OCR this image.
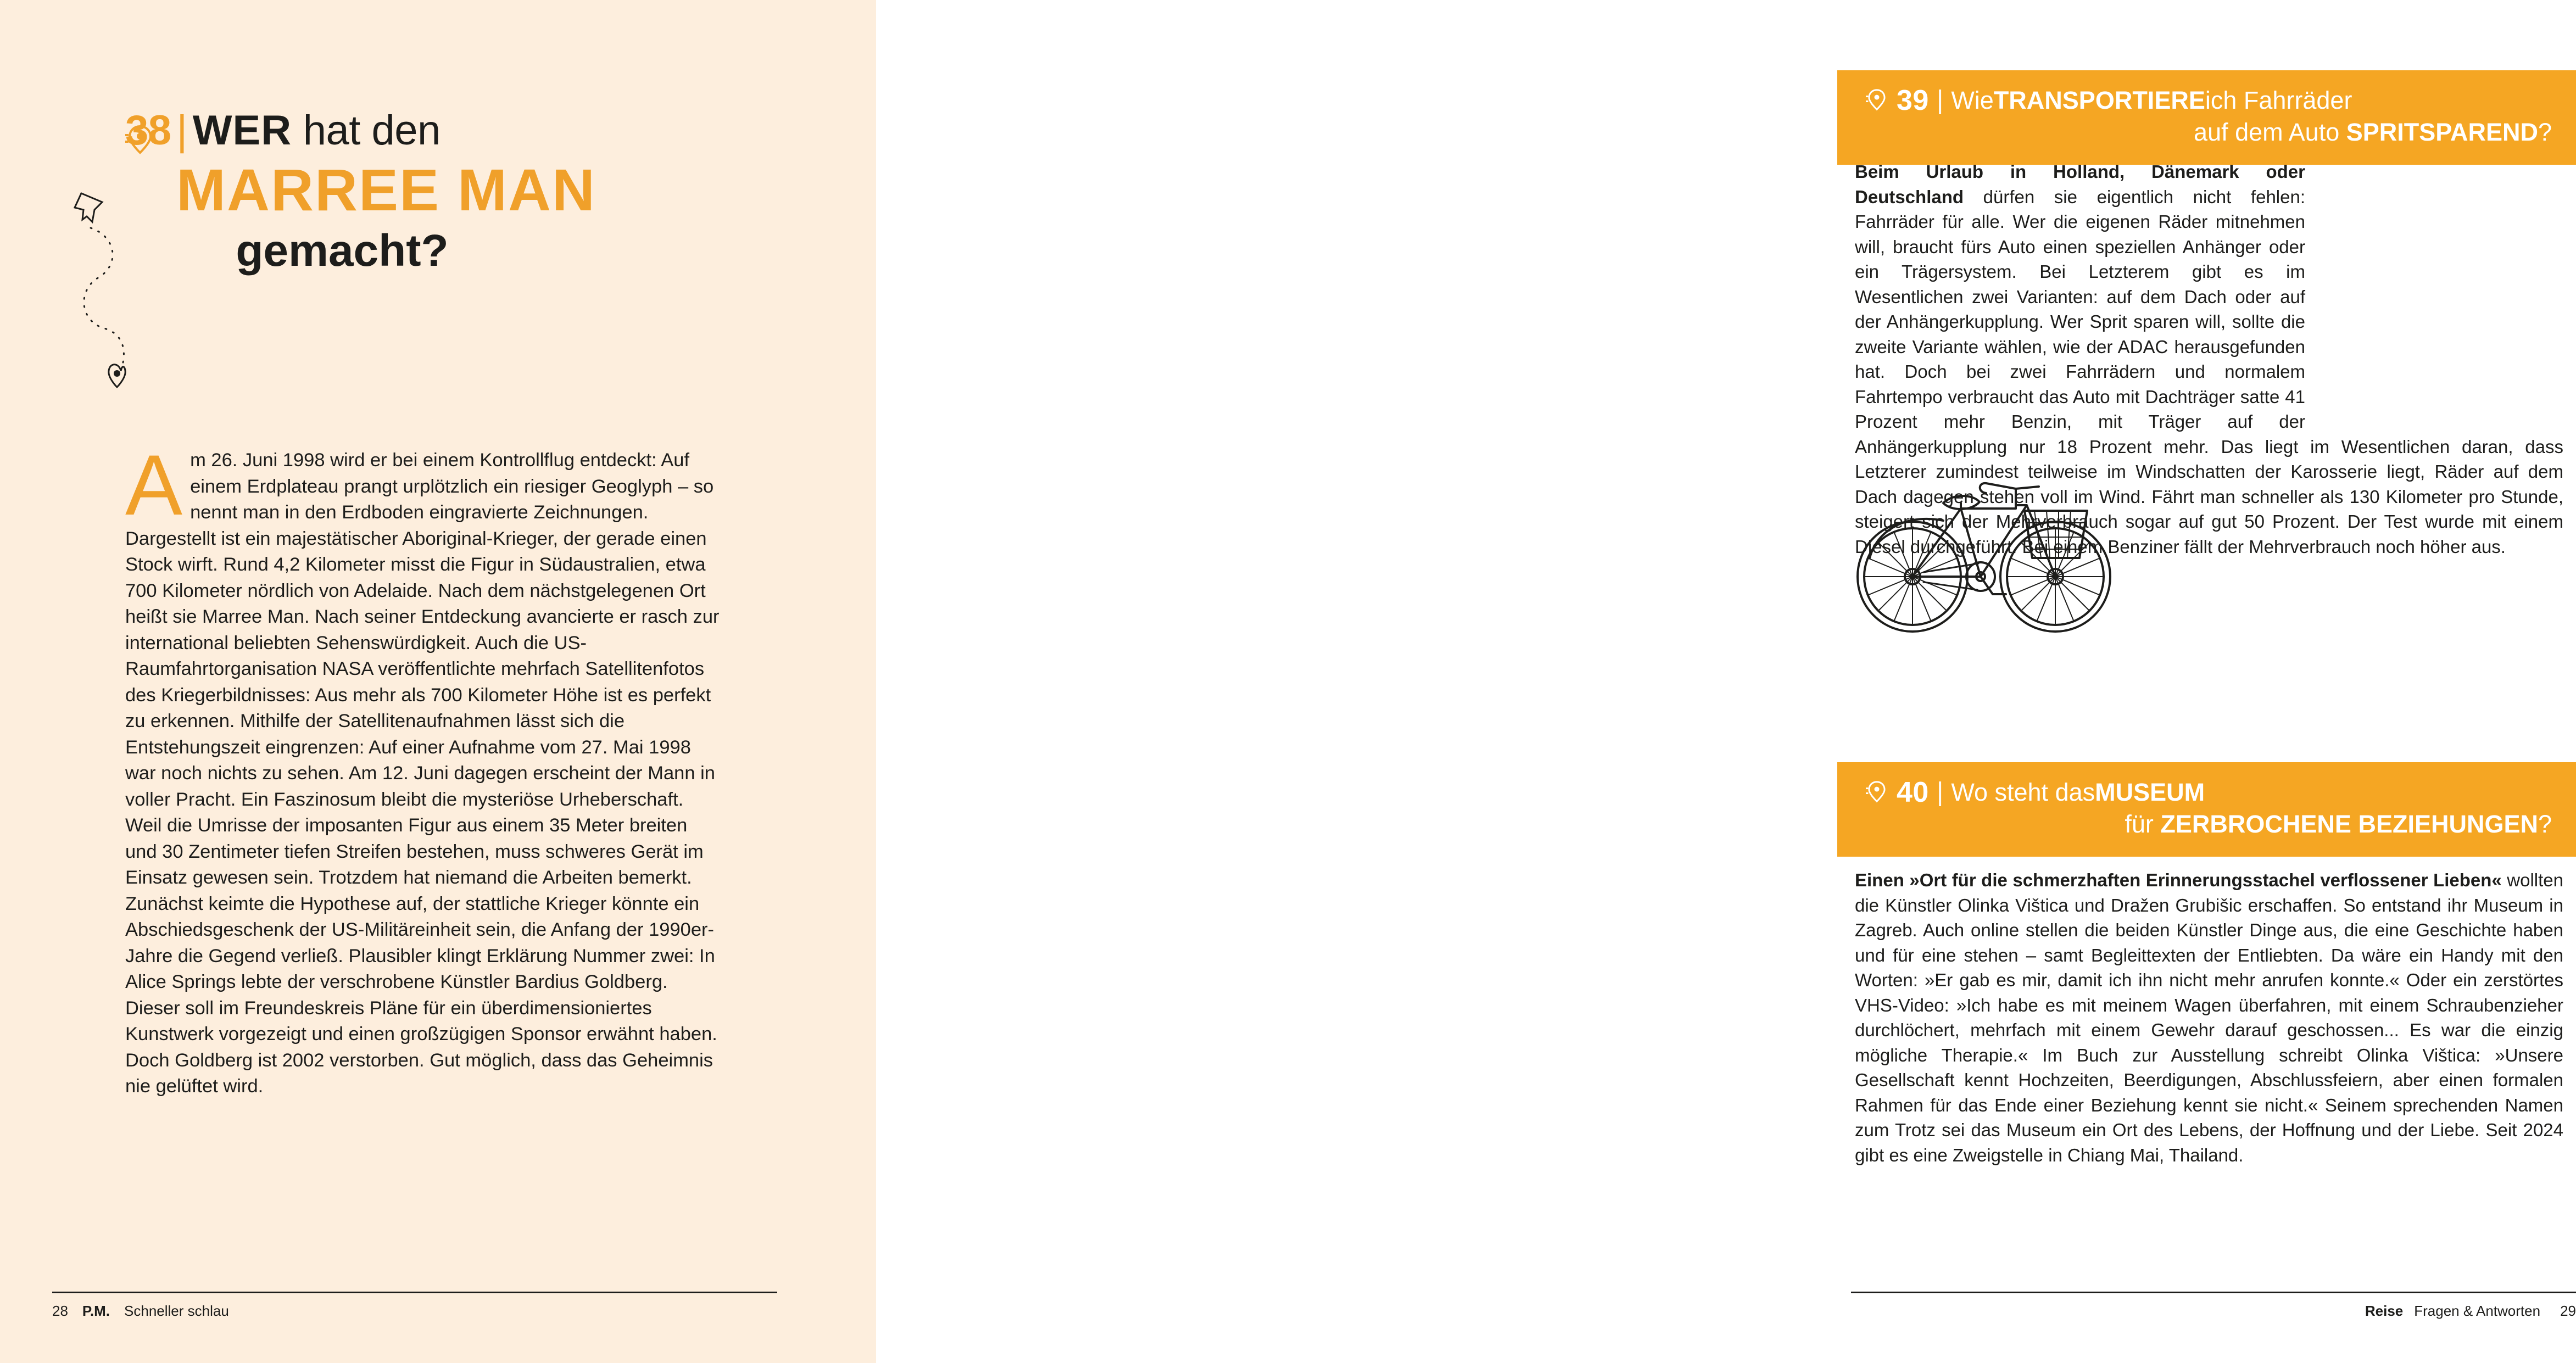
38 | WER hat den
MARREE MAN
gemacht?
Am 26. Juni 1998 wird er bei einem Kontrollflug entdeckt: Auf einem Erdplateau prangt urplötzlich ein riesiger Geoglyph – so nennt man in den Erdboden eingravierte Zeichnungen. Dargestellt ist ein majestätischer Aboriginal-Krieger, der gerade einen Stock wirft. Rund 4,2 Kilometer misst die Figur in Südaustralien, etwa 700 Kilometer nördlich von Adelaide. Nach dem nächstgelegenen Ort heißt sie Marree Man. Nach seiner Entdeckung avancierte er rasch zur international beliebten Sehenswürdigkeit. Auch die US-Raumfahrtorganisation NASA veröffentlichte mehrfach Satellitenfotos des Kriegerbildnisses: Aus mehr als 700 Kilometer Höhe ist es perfekt zu erkennen. Mithilfe der Satellitenaufnahmen lässt sich die Entstehungszeit eingrenzen: Auf einer Aufnahme vom 27. Mai 1998 war noch nichts zu sehen. Am 12. Juni dagegen erscheint der Mann in voller Pracht. Ein Faszinosum bleibt die mysteriöse Urheberschaft. Weil die Umrisse der imposanten Figur aus einem 35 Meter breiten und 30 Zentimeter tiefen Streifen bestehen, muss schweres Gerät im Einsatz gewesen sein. Trotzdem hat niemand die Arbeiten bemerkt. Zunächst keimte die Hypothese auf, der stattliche Krieger könnte ein Abschiedsgeschenk der US-Militäreinheit sein, die Anfang der 1990er-Jahre die Gegend verließ. Plausibler klingt Erklärung Nummer zwei: In Alice Springs lebte der verschrobene Künstler Bardius Goldberg. Dieser soll im Freundeskreis Pläne für ein überdimensioniertes Kunstwerk vorgezeigt und einen großzügigen Sponsor erwähnt haben. Doch Goldberg ist 2002 verstorben. Gut möglich, dass das Geheimnis nie gelüftet wird.
28 P.M. Schneller schlau
39 | Wie TRANSPORTIERE ich Fahrräder
auf dem Auto SPRITSPAREND?
Beim Urlaub in Holland, Dänemark oder Deutschland dürfen sie eigentlich nicht fehlen: Fahrräder für alle. Wer die eigenen Räder mitnehmen will, braucht fürs Auto einen speziellen Anhänger oder ein Trägersystem. Bei Letzterem gibt es im Wesentlichen zwei Varianten: auf dem Dach oder auf der Anhängerkupplung. Wer Sprit sparen will, sollte die zweite Variante wählen, wie der ADAC herausgefunden hat. Doch bei zwei Fahrrädern und normalem Fahrtempo verbraucht das Auto mit Dachträger satte 41 Prozent mehr Benzin, mit Träger auf der Anhängerkupplung nur 18 Prozent mehr. Das liegt im Wesentlichen daran, dass Letzterer zumindest teilweise im Windschatten der Karosserie liegt, Räder auf dem Dach dagegen stehen voll im Wind. Fährt man schneller als 130 Kilometer pro Stunde, steigert sich der Mehrverbrauch sogar auf gut 50 Prozent. Der Test wurde mit einem Diesel durchgeführt. Bei einem Benziner fällt der Mehrverbrauch noch höher aus.
40 | Wo steht das MUSEUM
für ZERBROCHENE BEZIEHUNGEN?
Einen »Ort für die schmerzhaften Erinnerungsstachel verflossener Lieben« wollten die Künstler Olinka Vištica und Dražen Grubišic erschaffen. So entstand ihr Museum in Zagreb. Auch online stellen die beiden Künstler Dinge aus, die eine Geschichte haben und für eine stehen – samt Begleittexten der Entliebten. Da wäre ein Handy mit den Worten: »Er gab es mir, damit ich ihn nicht mehr anrufen konnte.« Oder ein zerstörtes VHS-Video: »Ich habe es mit meinem Wagen überfahren, mit einem Schraubenzieher durchlöchert, mehrfach mit einem Gewehr darauf geschossen... Es war die einzig mögliche Therapie.« Im Buch zur Ausstellung schreibt Olinka Vištica: »Unsere Gesellschaft kennt Hochzeiten, Beerdigungen, Abschlussfeiern, aber einen formalen Rahmen für das Ende einer Beziehung kennt sie nicht.« Seinem sprechenden Namen zum Trotz sei das Museum ein Ort des Lebens, der Hoffnung und der Liebe. Seit 2024 gibt es eine Zweigstelle in Chiang Mai, Thailand.
Reise Fragen & Antworten 29
